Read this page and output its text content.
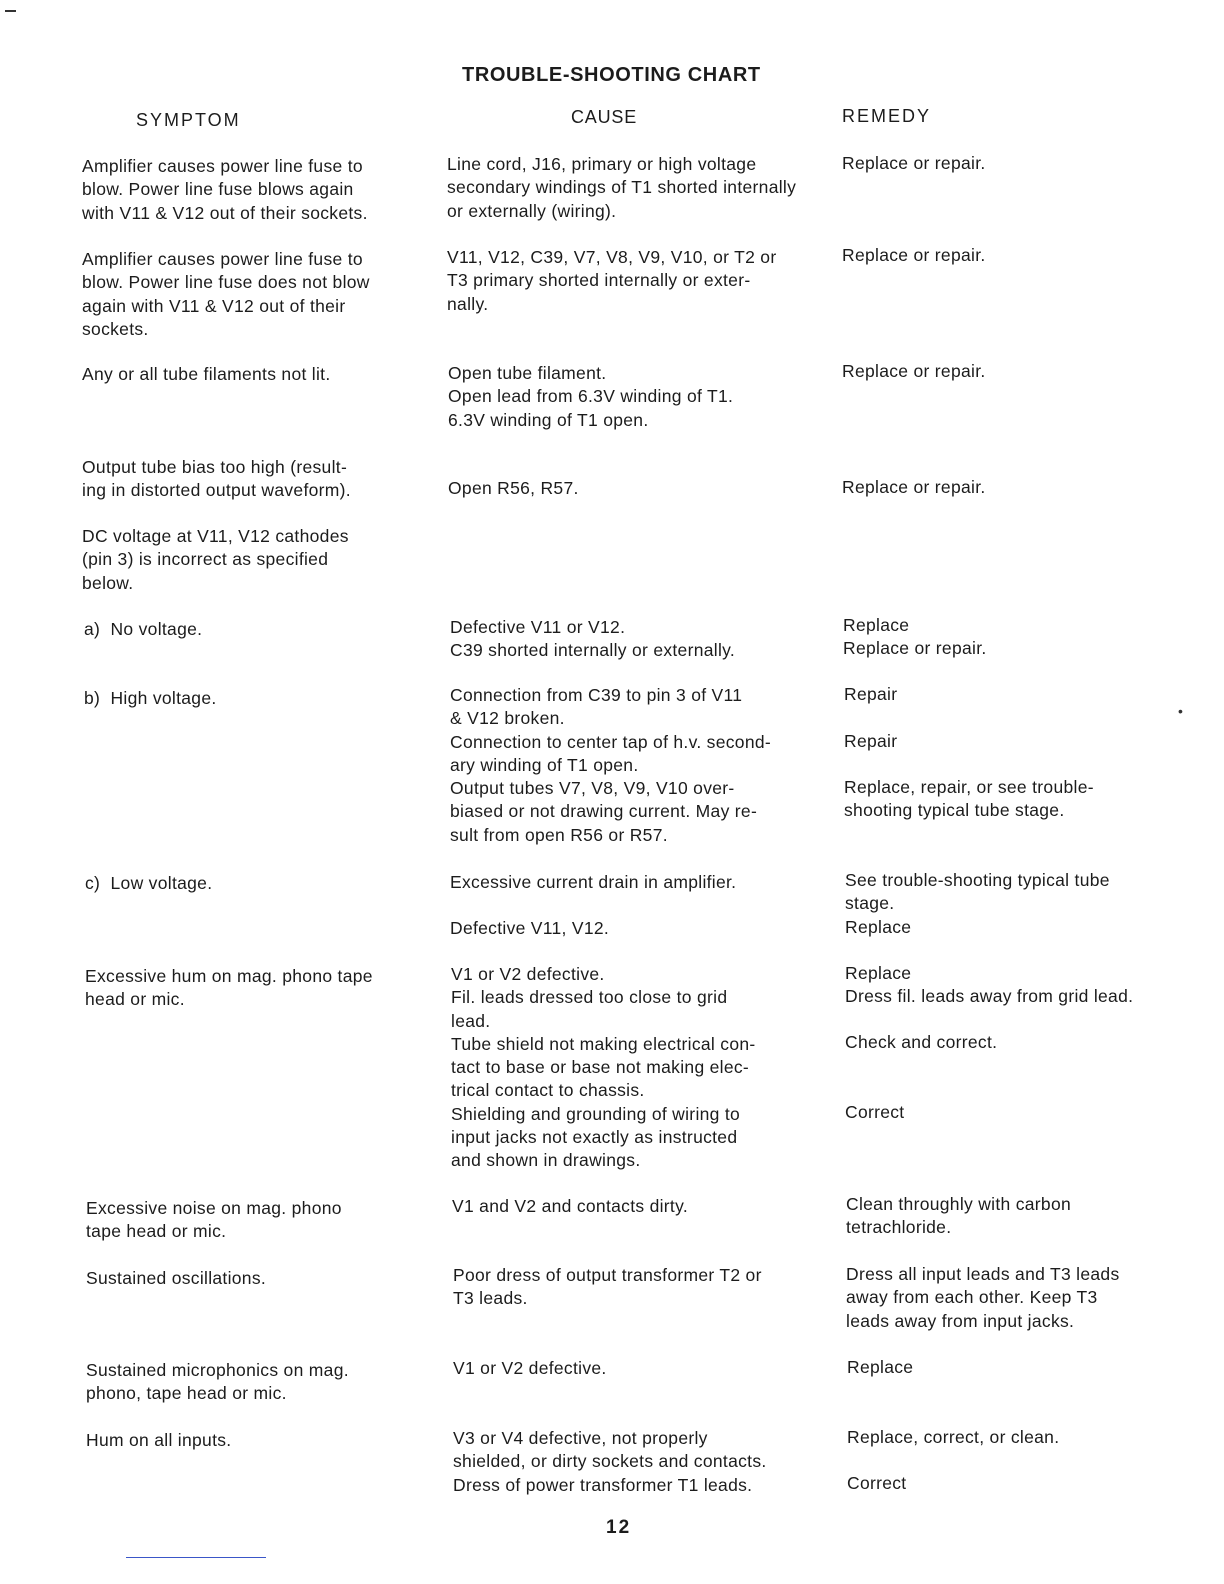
TROUBLE-SHOOTING CHART
SYMPTOM	CAUSE	REMEDY
Amplifier causes power line fuse to
blow. Power line fuse blows again
with V11 & V12 out of their sockets.
Amplifier causes power line fuse to
blow. Power line fuse does not blow
again with V11 & V12 out of their
sockets.
Any or all tube filaments not lit.
Output tube bias too high (result-
ing in distorted output waveform).
DC voltage at V11, V12 cathodes
(pin 3) is incorrect as specified
below.
a)  No voltage.
b)  High voltage.
c)  Low voltage.
Excessive hum on mag. phono tape
head or mic.
Excessive noise on mag. phono
tape head or mic.
Sustained oscillations.
Sustained microphonics on mag.
phono, tape head or mic.
Hum on all inputs.
Line cord, J16, primary or high voltage
secondary windings of T1 shorted internally
or externally (wiring).
V11, V12, C39, V7, V8, V9, V10, or T2 or
T3 primary shorted internally or exter-
nally.
Open tube filament.
Open lead from 6.3V winding of T1.
6.3V winding of T1 open.
Open R56, R57.
Defective V11 or V12.
C39 shorted internally or externally.
Connection from C39 to pin 3 of V11
& V12 broken.
Connection to center tap of h.v. second-
ary winding of T1 open.
Output tubes V7, V8, V9, V10 over-
biased or not drawing current. May re-
sult from open R56 or R57.
Excessive current drain in amplifier.
Defective V11, V12.
V1 or V2 defective.
Fil. leads dressed too close to grid
lead.
Tube shield not making electrical con-
tact to base or base not making elec-
trical contact to chassis.
Shielding and grounding of wiring to
input jacks not exactly as instructed
and shown in drawings.
V1 and V2 and contacts dirty.
Poor dress of output transformer T2 or
T3 leads.
V1 or V2 defective.
V3 or V4 defective, not properly
shielded, or dirty sockets and contacts.
Dress of power transformer T1 leads.
Replace or repair.
Replace or repair.
Replace or repair.
Replace or repair.
Replace
Replace or repair.
Repair
Repair
Replace, repair, or see trouble-
shooting typical tube stage.
See trouble-shooting typical tube
stage.
Replace
Replace
Dress fil. leads away from grid lead.
Check and correct.
Correct
Clean throughly with carbon
tetrachloride.
Dress all input leads and T3 leads
away from each other. Keep T3
leads away from input jacks.
Replace
Replace, correct, or clean.
Correct
•
12
